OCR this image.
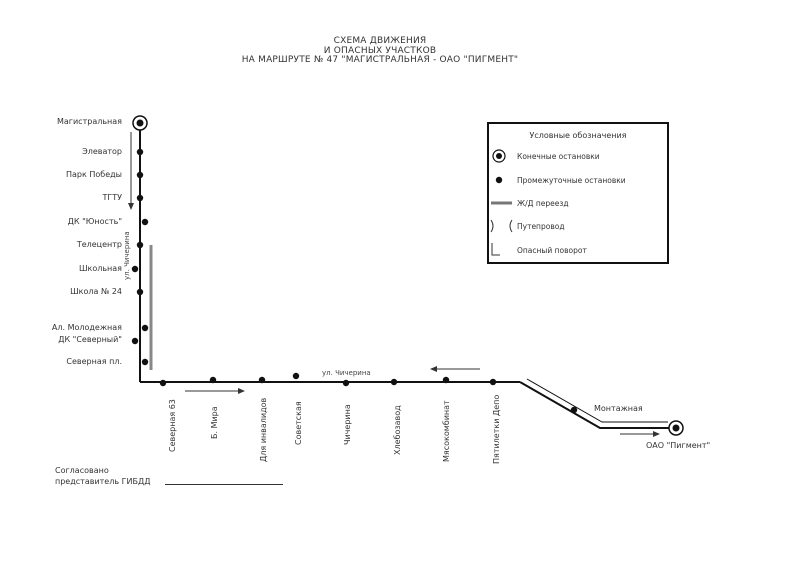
СХЕМА ДВИЖЕНИЯ
И ОПАСНЫХ УЧАСТКОВ
НА МАРШРУТЕ № 47 "МАГИСТРАЛЬНАЯ - ОАО "ПИГМЕНТ"
Магистральная
Элеватор
Парк Победы
ТГТУ
ДК "Юность"
Телецентр
Школьная
Школа № 24
Ал. Молодежная
ДК "Северный"
Северная пл.
ул. Чичерина
ул. Чичерина
Северная 63	Б. Мира	Для инвалидов	Советская	Чичерина	Хлебозавод	Мясокомбинат	Пятилетки Депо	Монтажная
ОАО "Пигмент"
Условные обозначения
Конечные остановки
Промежуточные остановки
Ж/Д переезд
Путепровод
Опасный поворот
Согласовано
представитель ГИБДД
